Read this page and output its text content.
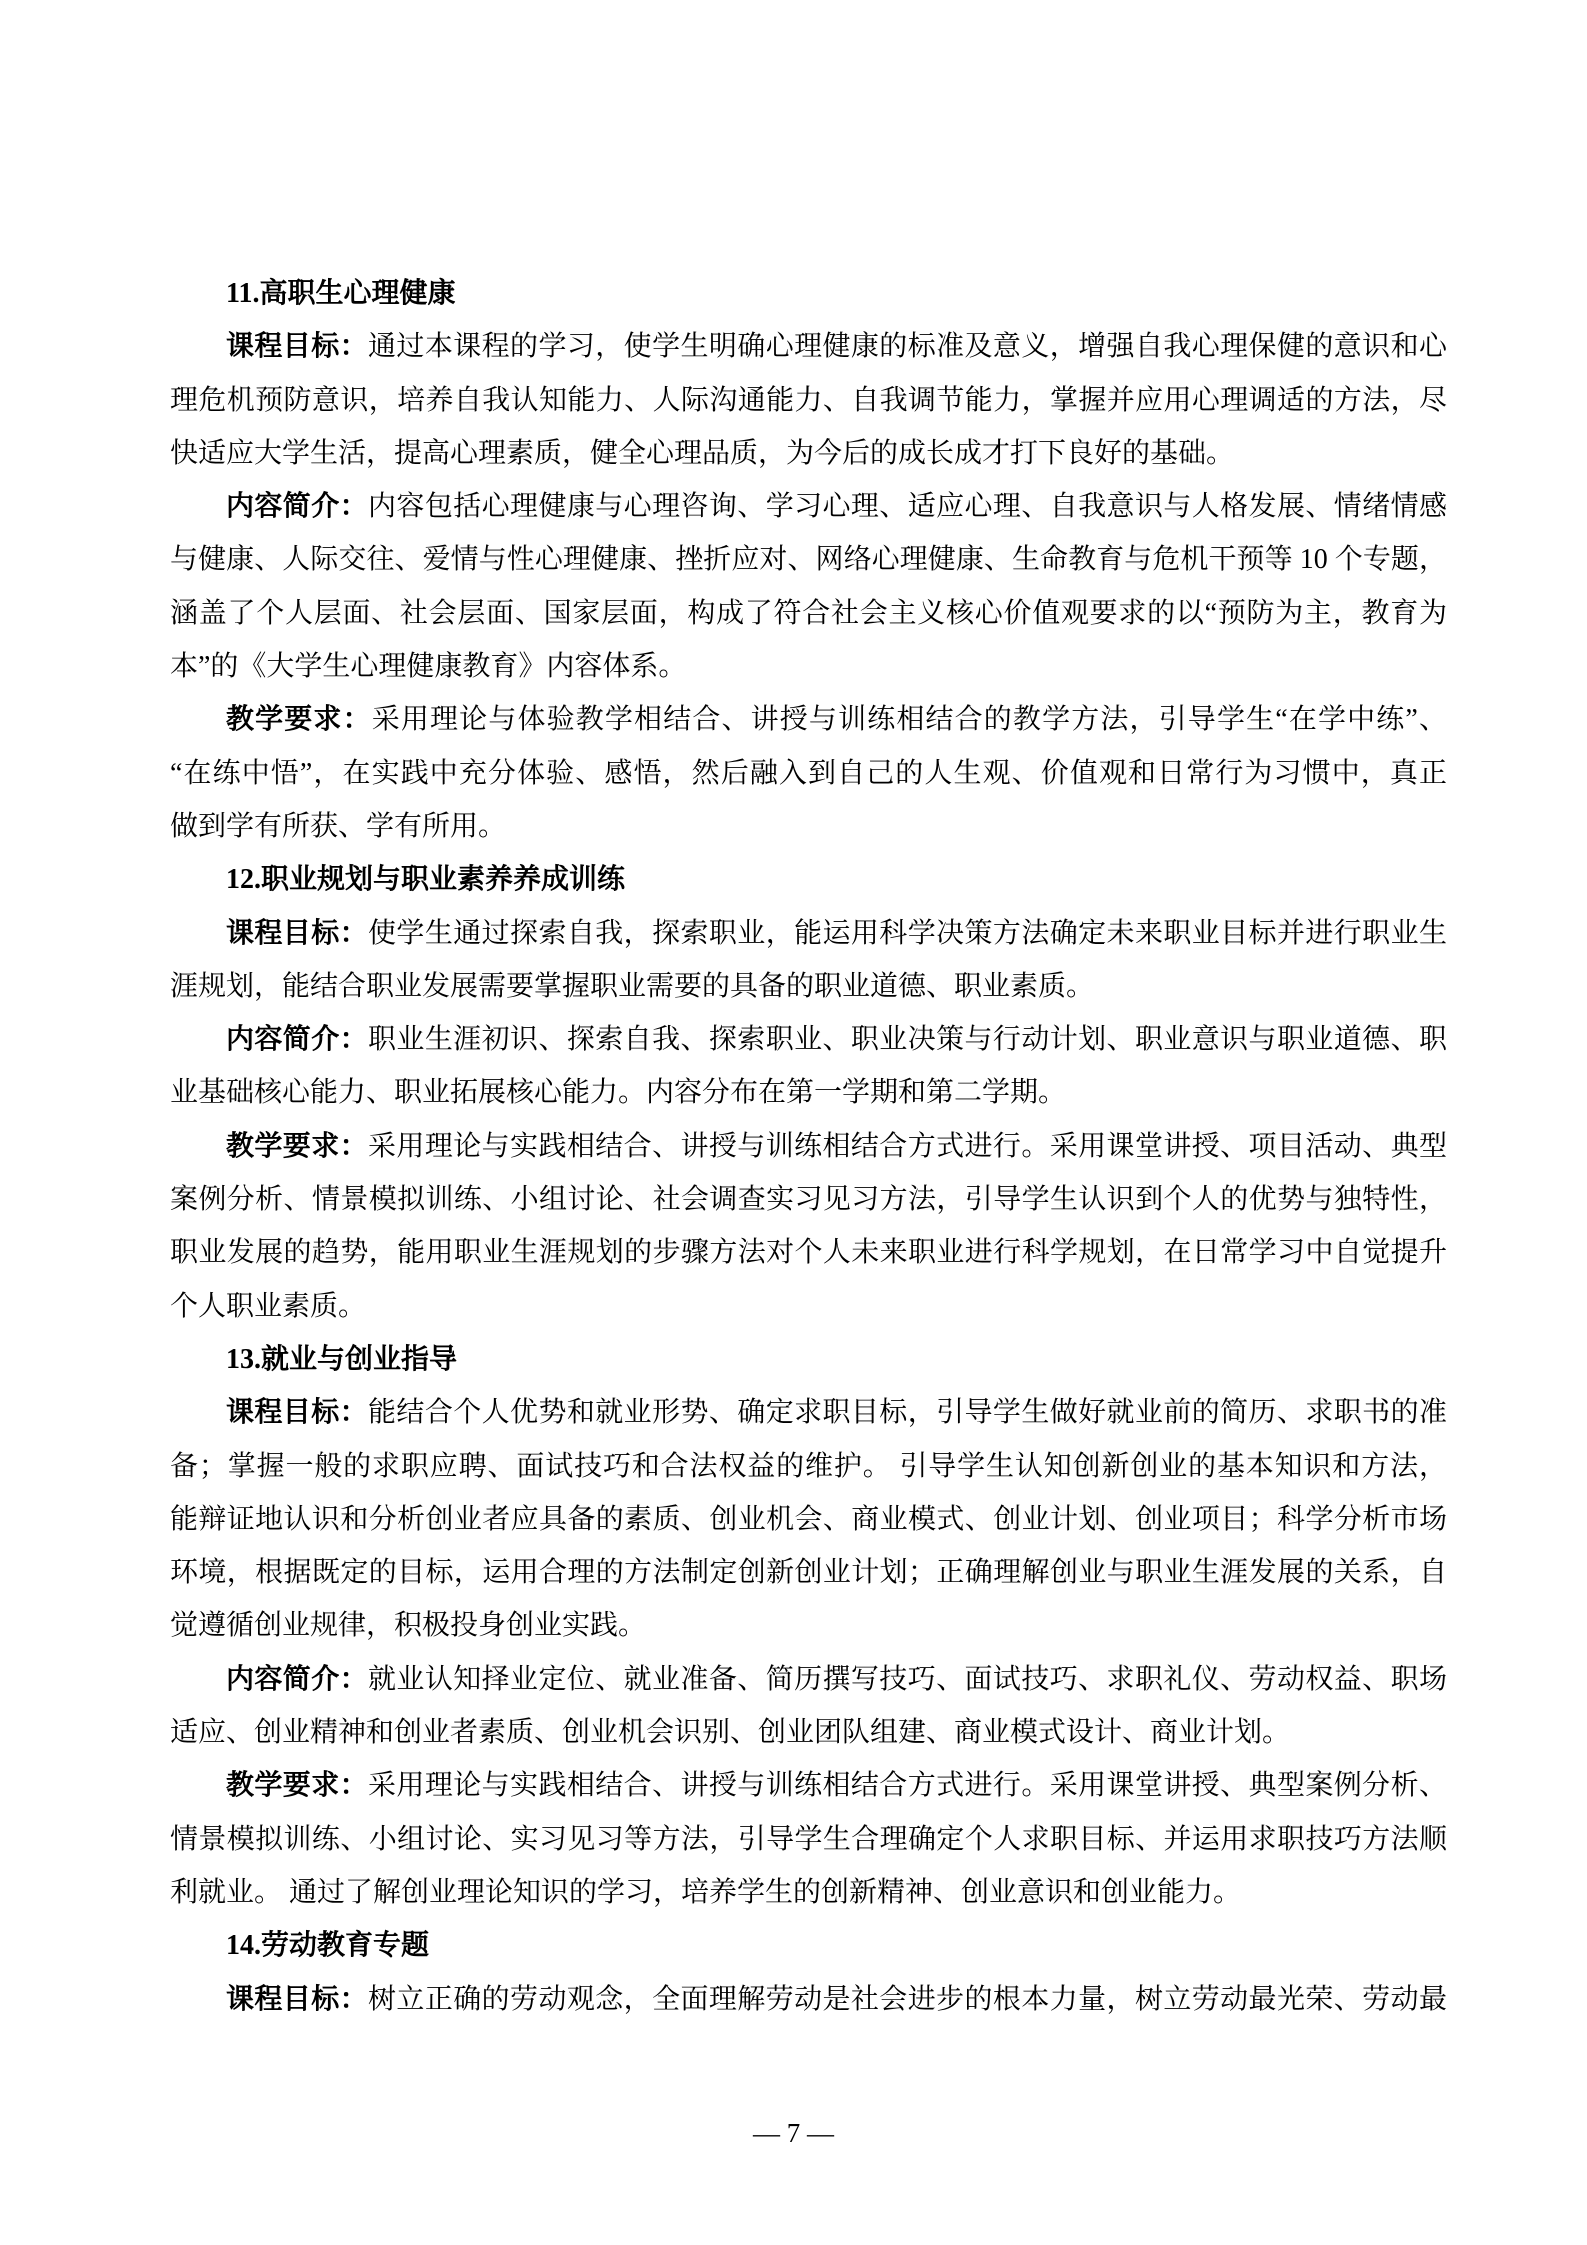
11.高职生心理健康
课程目标：通过本课程的学习，使学生明确心理健康的标准及意义，增强自我心理保健的意识和心
理危机预防意识，培养自我认知能力、人际沟通能力、自我调节能力，掌握并应用心理调适的方法，尽
快适应大学生活，提高心理素质，健全心理品质，为今后的成长成才打下良好的基础。
内容简介：内容包括心理健康与心理咨询、学习心理、适应心理、自我意识与人格发展、情绪情感
与健康、人际交往、爱情与性心理健康、挫折应对、网络心理健康、生命教育与危机干预等 10 个专题，
涵盖了个人层面、社会层面、国家层面，构成了符合社会主义核心价值观要求的以“预防为主，教育为
本”的《大学生心理健康教育》内容体系。
教学要求：采用理论与体验教学相结合、讲授与训练相结合的教学方法，引导学生“在学中练”、
“在练中悟”，在实践中充分体验、感悟，然后融入到自己的人生观、价值观和日常行为习惯中，真正
做到学有所获、学有所用。
12.职业规划与职业素养养成训练
课程目标：使学生通过探索自我，探索职业，能运用科学决策方法确定未来职业目标并进行职业生
涯规划，能结合职业发展需要掌握职业需要的具备的职业道德、职业素质。
内容简介：职业生涯初识、探索自我、探索职业、职业决策与行动计划、职业意识与职业道德、职
业基础核心能力、职业拓展核心能力。内容分布在第一学期和第二学期。
教学要求：采用理论与实践相结合、讲授与训练相结合方式进行。采用课堂讲授、项目活动、典型
案例分析、情景模拟训练、小组讨论、社会调查实习见习方法，引导学生认识到个人的优势与独特性，
职业发展的趋势，能用职业生涯规划的步骤方法对个人未来职业进行科学规划，在日常学习中自觉提升
个人职业素质。
13.就业与创业指导
课程目标：能结合个人优势和就业形势、确定求职目标，引导学生做好就业前的简历、求职书的准
备；掌握一般的求职应聘、面试技巧和合法权益的维护。 引导学生认知创新创业的基本知识和方法，
能辩证地认识和分析创业者应具备的素质、创业机会、商业模式、创业计划、创业项目；科学分析市场
环境，根据既定的目标，运用合理的方法制定创新创业计划；正确理解创业与职业生涯发展的关系，自
觉遵循创业规律，积极投身创业实践。
内容简介：就业认知择业定位、就业准备、简历撰写技巧、面试技巧、求职礼仪、劳动权益、职场
适应、创业精神和创业者素质、创业机会识别、创业团队组建、商业模式设计、商业计划。
教学要求：采用理论与实践相结合、讲授与训练相结合方式进行。采用课堂讲授、典型案例分析、
情景模拟训练、小组讨论、实习见习等方法，引导学生合理确定个人求职目标、并运用求职技巧方法顺
利就业。 通过了解创业理论知识的学习，培养学生的创新精神、创业意识和创业能力。
14.劳动教育专题
课程目标：树立正确的劳动观念，全面理解劳动是社会进步的根本力量，树立劳动最光荣、劳动最
— 7 —
